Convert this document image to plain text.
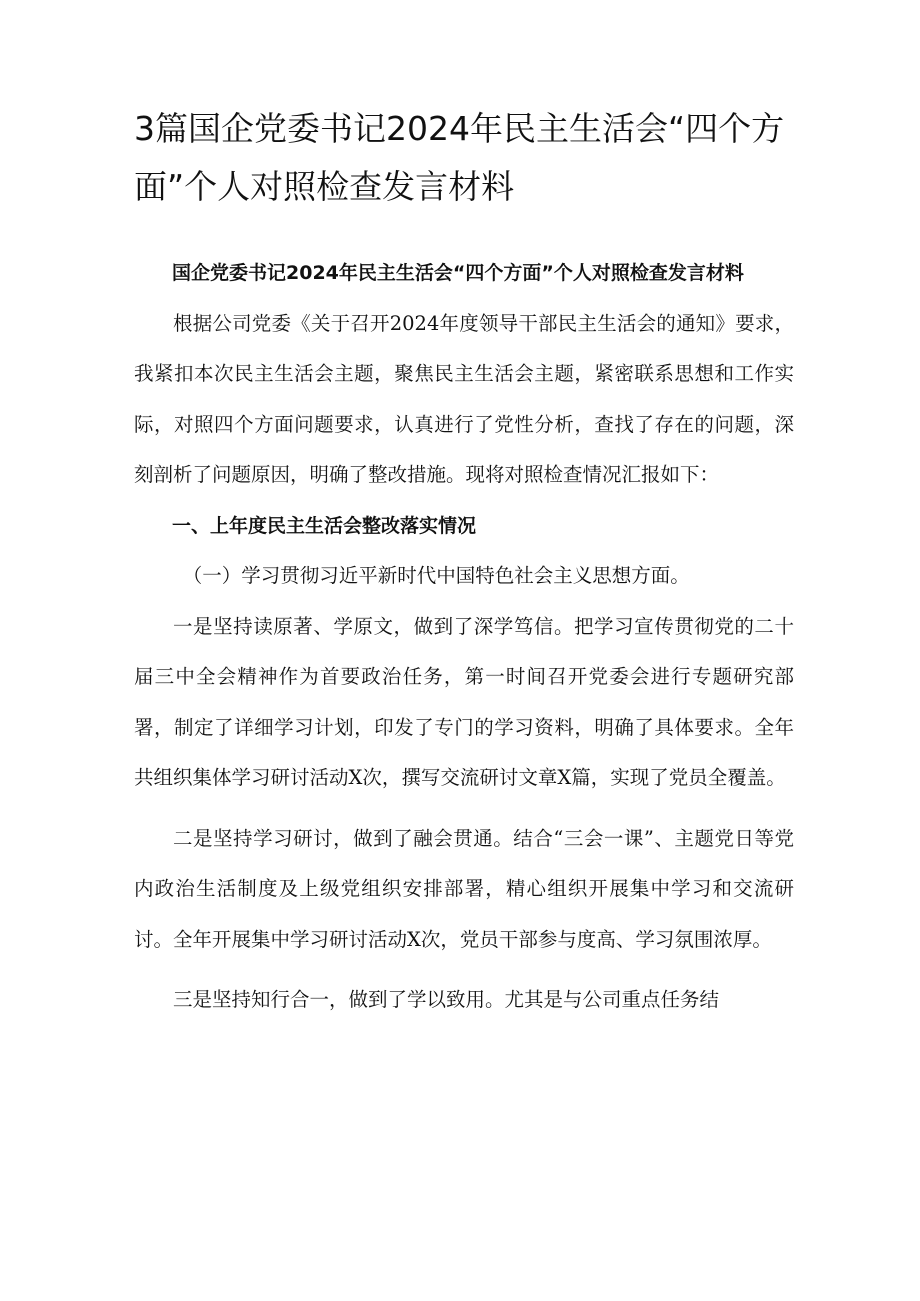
3篇国企党委书记2024年民主生活会“四个方面”个人对照检查发言材料

国企党委书记2024年民主生活会“四个方面”个人对照检查发言材料

根据公司党委《关于召开2024年度领导干部民主生活会的通知》要求，我紧扣本次民主生活会主题，聚焦民主生活会主题，紧密联系思想和工作实际，对照四个方面问题要求，认真进行了党性分析，查找了存在的问题，深刻剖析了问题原因，明确了整改措施。现将对照检查情况汇报如下：

一、上年度民主生活会整改落实情况

（一）学习贯彻习近平新时代中国特色社会主义思想方面。

一是坚持读原著、学原文，做到了深学笃信。把学习宣传贯彻党的二十届三中全会精神作为首要政治任务，第一时间召开党委会进行专题研究部署，制定了详细学习计划，印发了专门的学习资料，明确了具体要求。全年共组织集体学习研讨活动X次，撰写交流研讨文章X篇，实现了党员全覆盖。

二是坚持学习研讨，做到了融会贯通。结合“三会一课”、主题党日等党内政治生活制度及上级党组织安排部署，精心组织开展集中学习和交流研讨。全年开展集中学习研讨活动X次，党员干部参与度高、学习氛围浓厚。

三是坚持知行合一，做到了学以致用。尤其是与公司重点任务结
